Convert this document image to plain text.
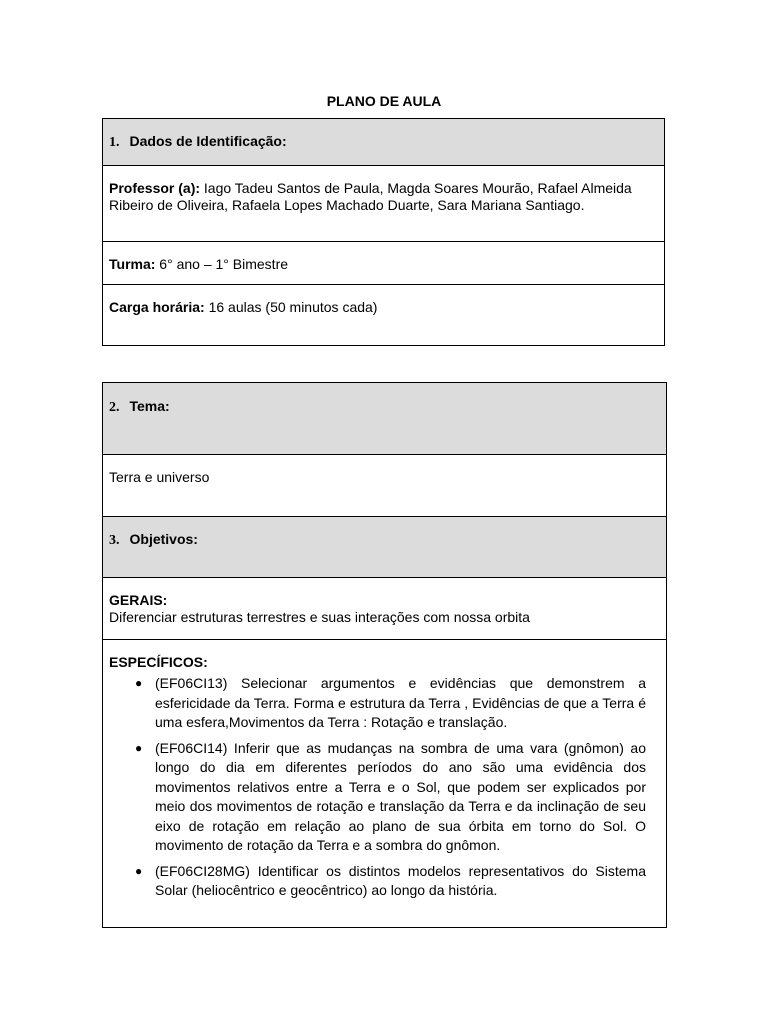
PLANO DE AULA
1. Dados de Identificação:
Professor (a): Iago Tadeu Santos de Paula, Magda Soares Mourão, Rafael Almeida Ribeiro de Oliveira, Rafaela Lopes Machado Duarte, Sara Mariana Santiago.
Turma: 6° ano – 1° Bimestre
Carga horária: 16 aulas (50 minutos cada)
2. Tema:
Terra e universo
3. Objetivos:
GERAIS:
Diferenciar estruturas terrestres e suas interações com nossa orbita

ESPECÍFICOS:
● (EF06CI13) Selecionar argumentos e evidências que demonstrem a esfericidade da Terra. Forma e estrutura da Terra , Evidências de que a Terra é uma esfera,Movimentos da Terra : Rotação e translação.
● (EF06CI14) Inferir que as mudanças na sombra de uma vara (gnômon) ao longo do dia em diferentes períodos do ano são uma evidência dos movimentos relativos entre a Terra e o Sol, que podem ser explicados por meio dos movimentos de rotação e translação da Terra e da inclinação de seu eixo de rotação em relação ao plano de sua órbita em torno do Sol. O movimento de rotação da Terra e a sombra do gnômon.
● (EF06CI28MG) Identificar os distintos modelos representativos do Sistema Solar (heliocêntrico e geocêntrico) ao longo da história.
